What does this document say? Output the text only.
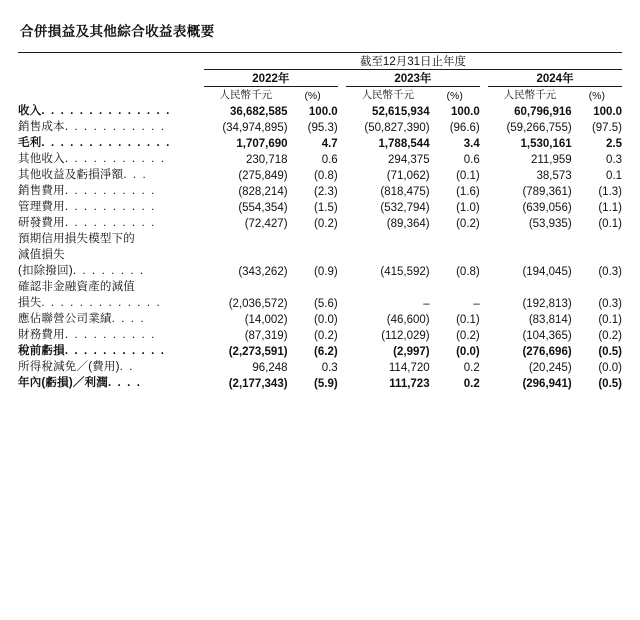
合併損益及其他綜合收益表概要
	截至12月31日止年度							
	2022年			2023年			2024年	
	人民幣千元	(%)		人民幣千元	(%)		人民幣千元	(%)
收入. . . . . . . . . . . . . .	36,682,585	100.0		52,615,934	100.0		60,796,916	100.0
銷售成本. . . . . . . . . . .	(34,974,895)	(95.3)		(50,827,390)	(96.6)		(59,266,755)	(97.5)
毛利. . . . . . . . . . . . . .	1,707,690	4.7		1,788,544	3.4		1,530,161	2.5
其他收入. . . . . . . . . . .	230,718	0.6		294,375	0.6		211,959	0.3
其他收益及虧損淨額. . .	(275,849)	(0.8)		(71,062)	(0.1)		38,573	0.1
銷售費用. . . . . . . . . .	(828,214)	(2.3)		(818,475)	(1.6)		(789,361)	(1.3)
管理費用. . . . . . . . . .	(554,354)	(1.5)		(532,794)	(1.0)		(639,056)	(1.1)
研發費用. . . . . . . . . .	(72,427)	(0.2)		(89,364)	(0.2)		(53,935)	(0.1)
預期信用損失模型下的								
減值損失								
(扣除撥回). . . . . . . .	(343,262)	(0.9)		(415,592)	(0.8)		(194,045)	(0.3)
確認非金融資產的減值								
損失. . . . . . . . . . . . .	(2,036,572)	(5.6)		–	–		(192,813)	(0.3)
應佔聯營公司業績. . . .	(14,002)	(0.0)		(46,600)	(0.1)		(83,814)	(0.1)
財務費用. . . . . . . . . .	(87,319)	(0.2)		(112,029)	(0.2)		(104,365)	(0.2)
稅前虧損. . . . . . . . . . .	(2,273,591)	(6.2)		(2,997)	(0.0)		(276,696)	(0.5)
所得稅減免／(費用). .	96,248	0.3		114,720	0.2		(20,245)	(0.0)
年內(虧損)／利潤. . . .	(2,177,343)	(5.9)		111,723	0.2		(296,941)	(0.5)
